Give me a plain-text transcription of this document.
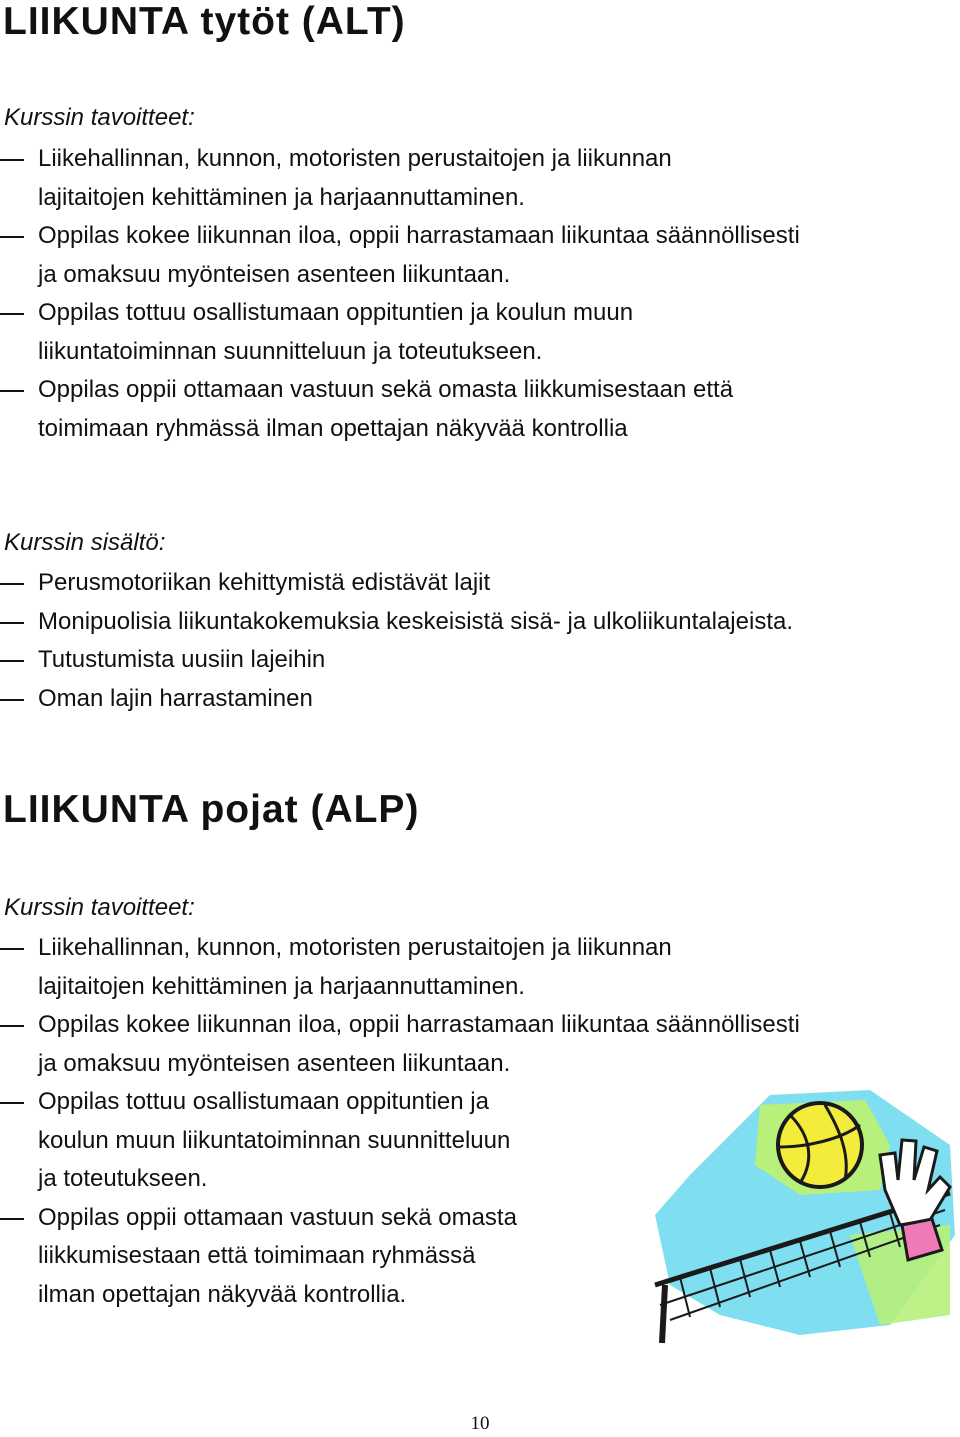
LIIKUNTA tytöt (ALT)
Kurssin tavoitteet:
Liikehallinnan, kunnon, motoristen perustaitojen ja liikunnan
lajitaitojen kehittäminen ja harjaannuttaminen.
Oppilas kokee liikunnan iloa, oppii harrastamaan liikuntaa säännöllisesti
ja omaksuu myönteisen asenteen liikuntaan.
Oppilas tottuu osallistumaan oppituntien ja koulun muun
liikuntatoiminnan suunnitteluun ja toteutukseen.
Oppilas oppii ottamaan vastuun sekä omasta liikkumisestaan että
toimimaan ryhmässä ilman opettajan näkyvää kontrollia
Kurssin sisältö:
Perusmotoriikan kehittymistä edistävät lajit
Monipuolisia liikuntakokemuksia keskeisistä sisä- ja ulkoliikuntalajeista.
Tutustumista uusiin lajeihin
Oman lajin harrastaminen
LIIKUNTA pojat (ALP)
Kurssin tavoitteet:
Liikehallinnan, kunnon, motoristen perustaitojen ja liikunnan
lajitaitojen kehittäminen ja harjaannuttaminen.
Oppilas kokee liikunnan iloa, oppii harrastamaan liikuntaa säännöllisesti
ja omaksuu myönteisen asenteen liikuntaan.
Oppilas tottuu osallistumaan oppituntien ja
koulun muun liikuntatoiminnan suunnitteluun
ja toteutukseen.
Oppilas oppii ottamaan vastuun sekä omasta
liikkumisestaan että toimimaan ryhmässä
ilman opettajan näkyvää kontrollia.
10
